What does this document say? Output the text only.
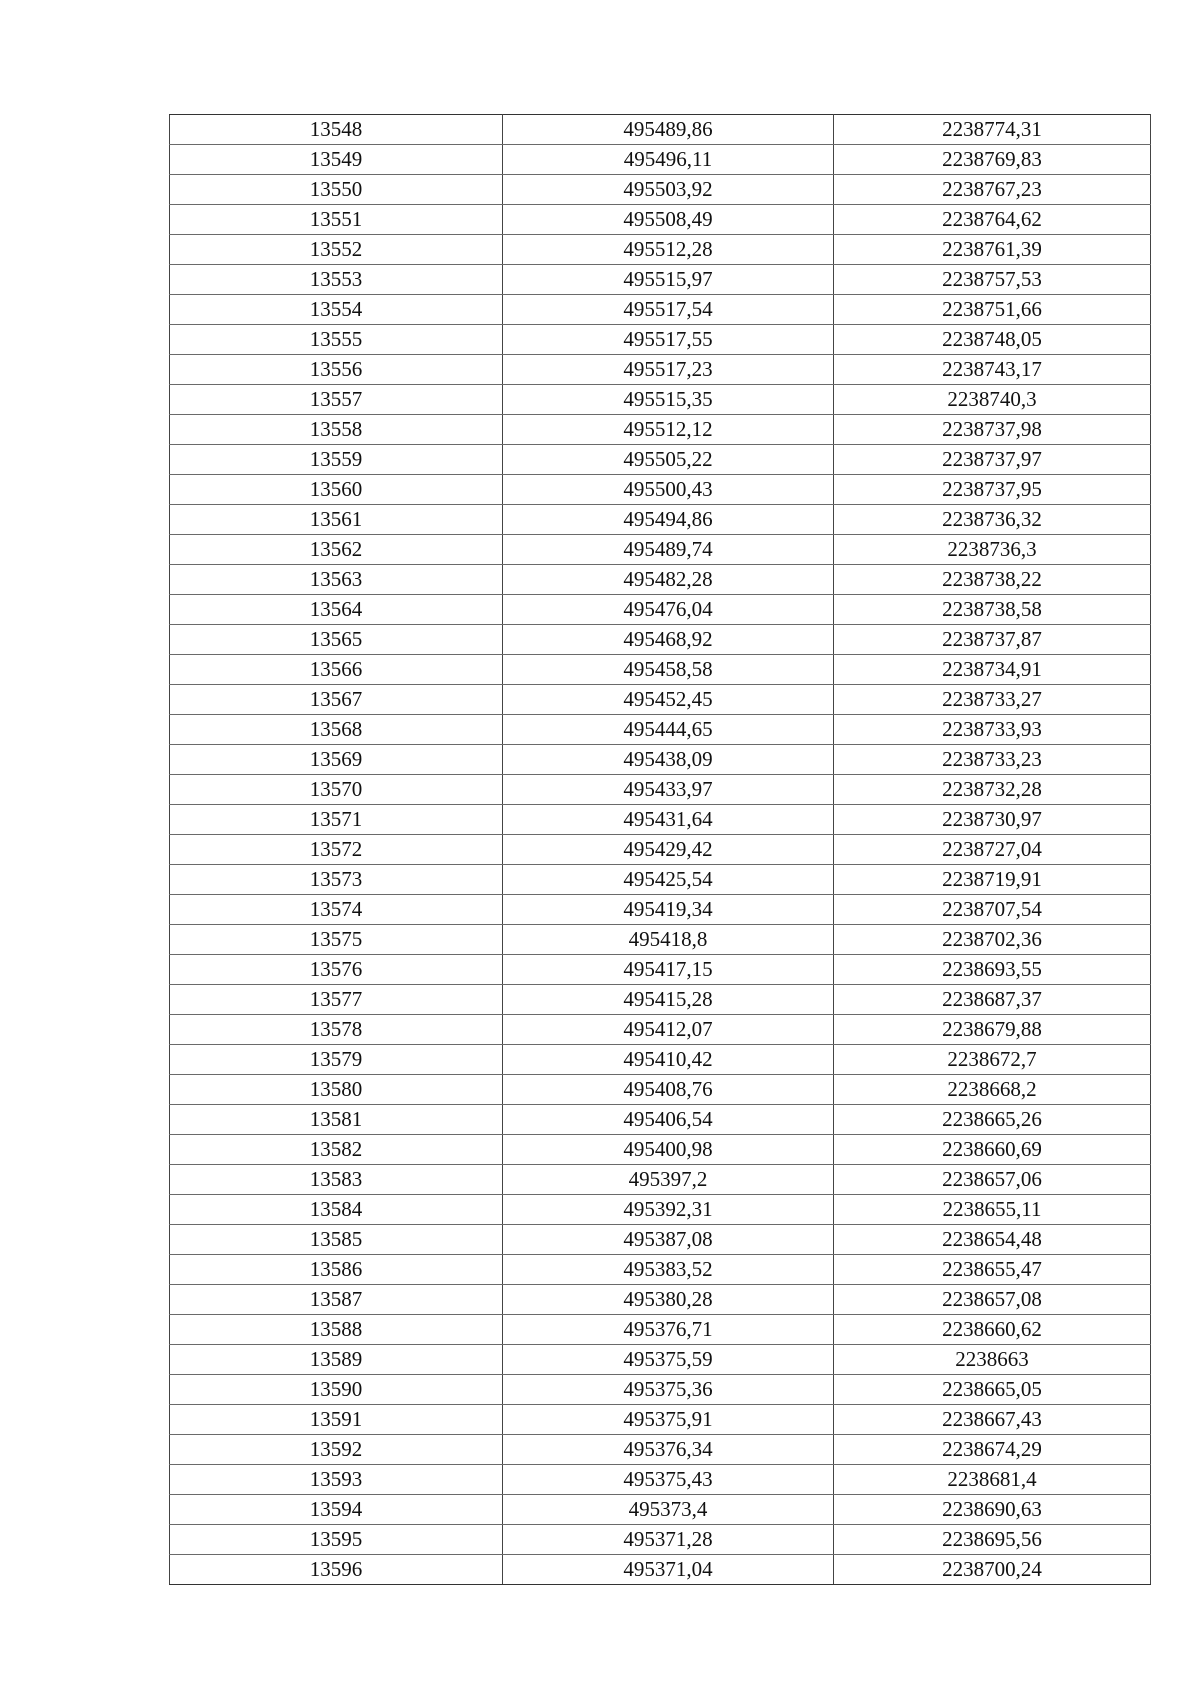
13548	495489,86	2238774,31
13549	495496,11	2238769,83
13550	495503,92	2238767,23
13551	495508,49	2238764,62
13552	495512,28	2238761,39
13553	495515,97	2238757,53
13554	495517,54	2238751,66
13555	495517,55	2238748,05
13556	495517,23	2238743,17
13557	495515,35	2238740,3
13558	495512,12	2238737,98
13559	495505,22	2238737,97
13560	495500,43	2238737,95
13561	495494,86	2238736,32
13562	495489,74	2238736,3
13563	495482,28	2238738,22
13564	495476,04	2238738,58
13565	495468,92	2238737,87
13566	495458,58	2238734,91
13567	495452,45	2238733,27
13568	495444,65	2238733,93
13569	495438,09	2238733,23
13570	495433,97	2238732,28
13571	495431,64	2238730,97
13572	495429,42	2238727,04
13573	495425,54	2238719,91
13574	495419,34	2238707,54
13575	495418,8	2238702,36
13576	495417,15	2238693,55
13577	495415,28	2238687,37
13578	495412,07	2238679,88
13579	495410,42	2238672,7
13580	495408,76	2238668,2
13581	495406,54	2238665,26
13582	495400,98	2238660,69
13583	495397,2	2238657,06
13584	495392,31	2238655,11
13585	495387,08	2238654,48
13586	495383,52	2238655,47
13587	495380,28	2238657,08
13588	495376,71	2238660,62
13589	495375,59	2238663
13590	495375,36	2238665,05
13591	495375,91	2238667,43
13592	495376,34	2238674,29
13593	495375,43	2238681,4
13594	495373,4	2238690,63
13595	495371,28	2238695,56
13596	495371,04	2238700,24
